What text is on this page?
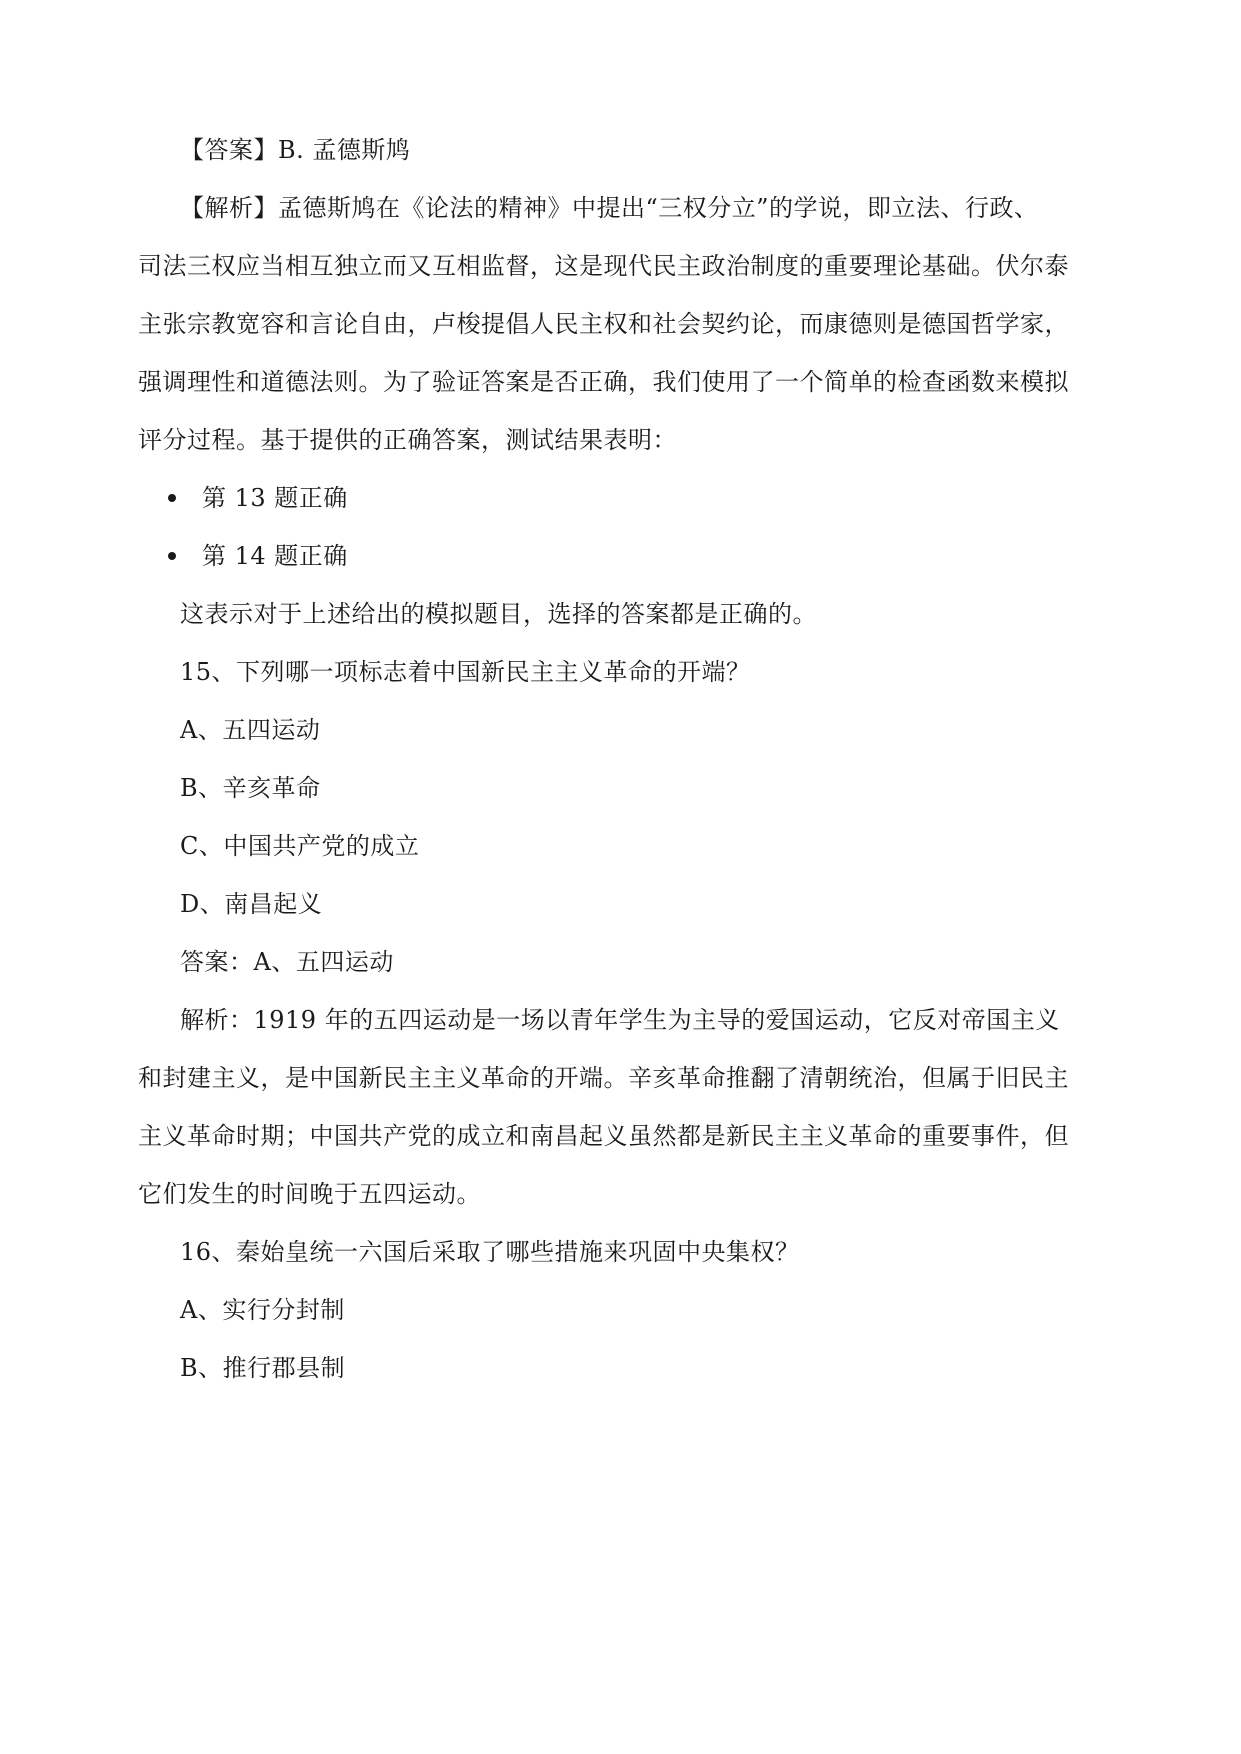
【答案】B. 孟德斯鸠
【解析】孟德斯鸠在《论法的精神》中提出“三权分立”的学说，即立法、行政、
司法三权应当相互独立而又互相监督，这是现代民主政治制度的重要理论基础。伏尔泰
主张宗教宽容和言论自由，卢梭提倡人民主权和社会契约论，而康德则是德国哲学家，
强调理性和道德法则。为了验证答案是否正确，我们使用了一个简单的检查函数来模拟
评分过程。基于提供的正确答案，测试结果表明：
第 13 题正确
第 14 题正确
这表示对于上述给出的模拟题目，选择的答案都是正确的。
15、下列哪一项标志着中国新民主主义革命的开端？
A、五四运动
B、辛亥革命
C、中国共产党的成立
D、南昌起义
答案：A、五四运动
解析：1919 年的五四运动是一场以青年学生为主导的爱国运动，它反对帝国主义
和封建主义，是中国新民主主义革命的开端。辛亥革命推翻了清朝统治，但属于旧民主
主义革命时期；中国共产党的成立和南昌起义虽然都是新民主主义革命的重要事件，但
它们发生的时间晚于五四运动。
16、秦始皇统一六国后采取了哪些措施来巩固中央集权？
A、实行分封制
B、推行郡县制
